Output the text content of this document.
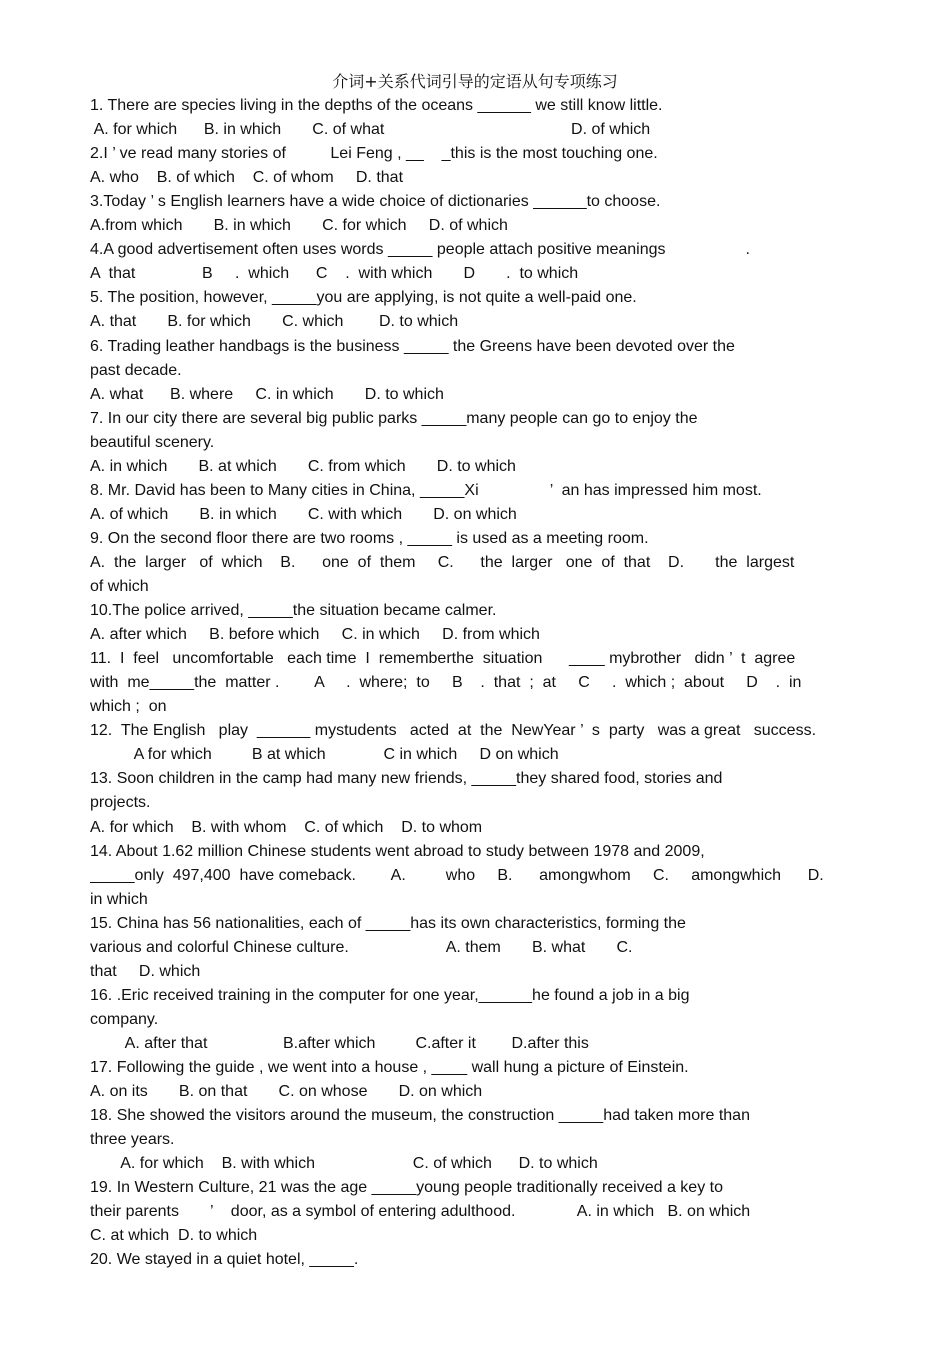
介词+关系代词引导的定语从句专项练习
1. There are species living in the depths of the oceans ______ we still know little.
A. for which      B. in which       C. of what                                          D. of which
2.I ’ ve read many stories of          Lei Feng , __    _this is the most touching one.
A. who    B. of which    C. of whom     D. that
3.Today ’ s English learners have a wide choice of dictionaries ______to choose.
A.from which       B. in which       C. for which     D. of which
4.A good advertisement often uses words _____ people attach positive meanings                  .
A  that               B     .  which      C    .  with which       D       .  to which
5. The position, however, _____you are applying, is not quite a well-paid one.
A. that       B. for which       C. which        D. to which
6. Trading leather handbags is the business _____ the Greens have been devoted over the
past decade.
A. what      B. where     C. in which       D. to which
7. In our city there are several big public parks _____many people can go to enjoy the
beautiful scenery.
A. in which       B. at which       C. from which       D. to which
8. Mr. David has been to Many cities in China, _____Xi                ’  an has impressed him most.
A. of which       B. in which       C. with which       D. on which
9. On the second floor there are two rooms , _____ is used as a meeting room.
A.  the  larger   of  which    B.      one  of  them     C.      the  larger   one  of  that    D.       the  largest
of which
10.The police arrived, _____the situation became calmer.
A. after which     B. before which     C. in which     D. from which
11.  I  feel   uncomfortable   each time  I  rememberthe  situation      ____ mybrother   didn ’  t  agree
with  me_____the  matter .        A     .  where;  to     B    .  that  ;  at     C     .  which ;  about     D    .  in
which ;  on
12.  The English   play  ______ mystudents   acted  at  the  NewYear ’  s  party   was a great   success.
A for which         B at which             C in which     D on which
13. Soon children in the camp had many new friends, _____they shared food, stories and
projects.
A. for which    B. with whom    C. of which    D. to whom
14. About 1.62 million Chinese students went abroad to study between 1978 and 2009,
_____only  497,400  have comeback.        A.         who     B.      amongwhom     C.     amongwhich      D.
in which
15. China has 56 nationalities, each of _____has its own characteristics, forming the
various and colorful Chinese culture.                      A. them       B. what       C.
that     D. which
16. .Eric received training in the computer for one year,______he found a job in a big
company.
A. after that                 B.after which         C.after it        D.after this
17. Following the guide , we went into a house , ____ wall hung a picture of Einstein.
A. on its       B. on that       C. on whose       D. on which
18. She showed the visitors around the museum, the construction _____had taken more than
three years.
A. for which    B. with which                      C. of which      D. to which
19. In Western Culture, 21 was the age _____young people traditionally received a key to
their parents       ’    door, as a symbol of entering adulthood.              A. in which   B. on which
C. at which  D. to which
20. We stayed in a quiet hotel, _____.
